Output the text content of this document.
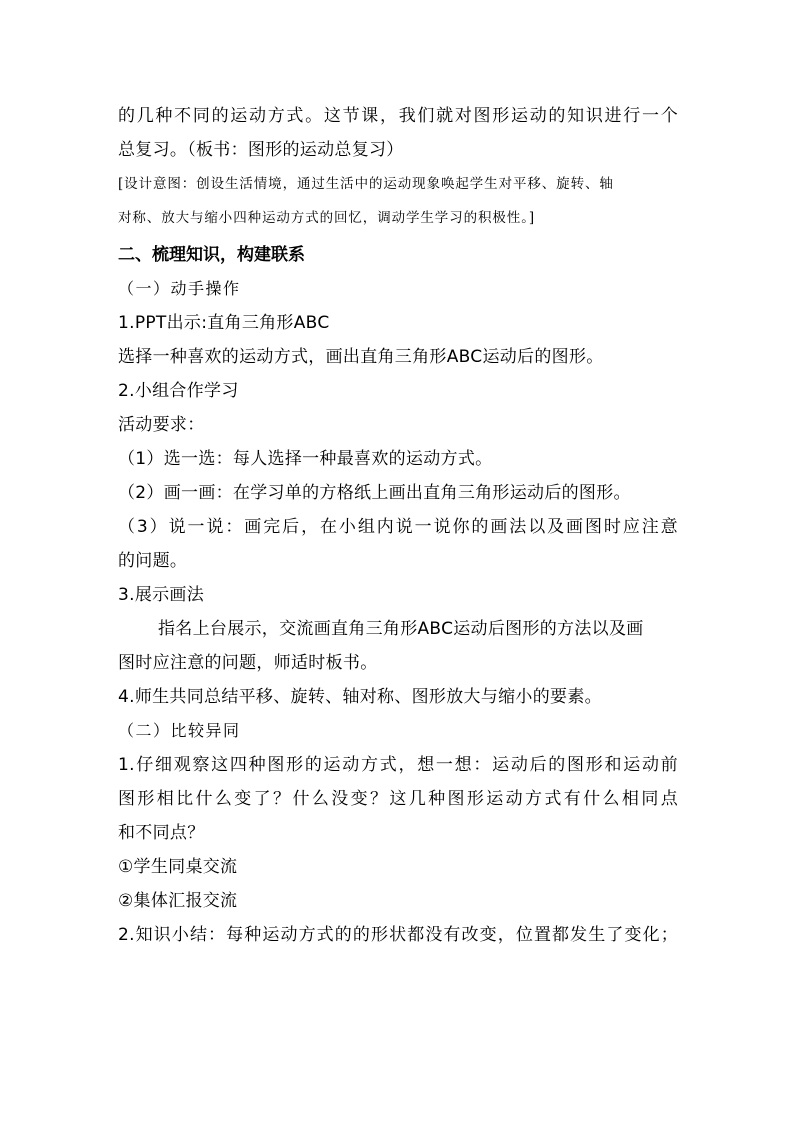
的几种不同的运动方式。这节课，我们就对图形运动的知识进行一个
总复习。（板书：图形的运动总复习）
[设计意图：创设生活情境，通过生活中的运动现象唤起学生对平移、旋转、轴
对称、放大与缩小四种运动方式的回忆，调动学生学习的积极性。]
二、梳理知识，构建联系
（一）动手操作
1.PPT出示:直角三角形ABC
选择一种喜欢的运动方式，画出直角三角形ABC运动后的图形。
2.小组合作学习
活动要求：
（1）选一选：每人选择一种最喜欢的运动方式。
（2）画一画：在学习单的方格纸上画出直角三角形运动后的图形。
（3）说一说：画完后，在小组内说一说你的画法以及画图时应注意
的问题。
3.展示画法
指名上台展示，交流画直角三角形ABC运动后图形的方法以及画
图时应注意的问题，师适时板书。
4.师生共同总结平移、旋转、轴对称、图形放大与缩小的要素。
（二）比较异同
1.仔细观察这四种图形的运动方式，想一想：运动后的图形和运动前
图形相比什么变了？什么没变？这几种图形运动方式有什么相同点
和不同点？
①学生同桌交流
②集体汇报交流
2.知识小结：每种运动方式的的形状都没有改变，位置都发生了变化；
